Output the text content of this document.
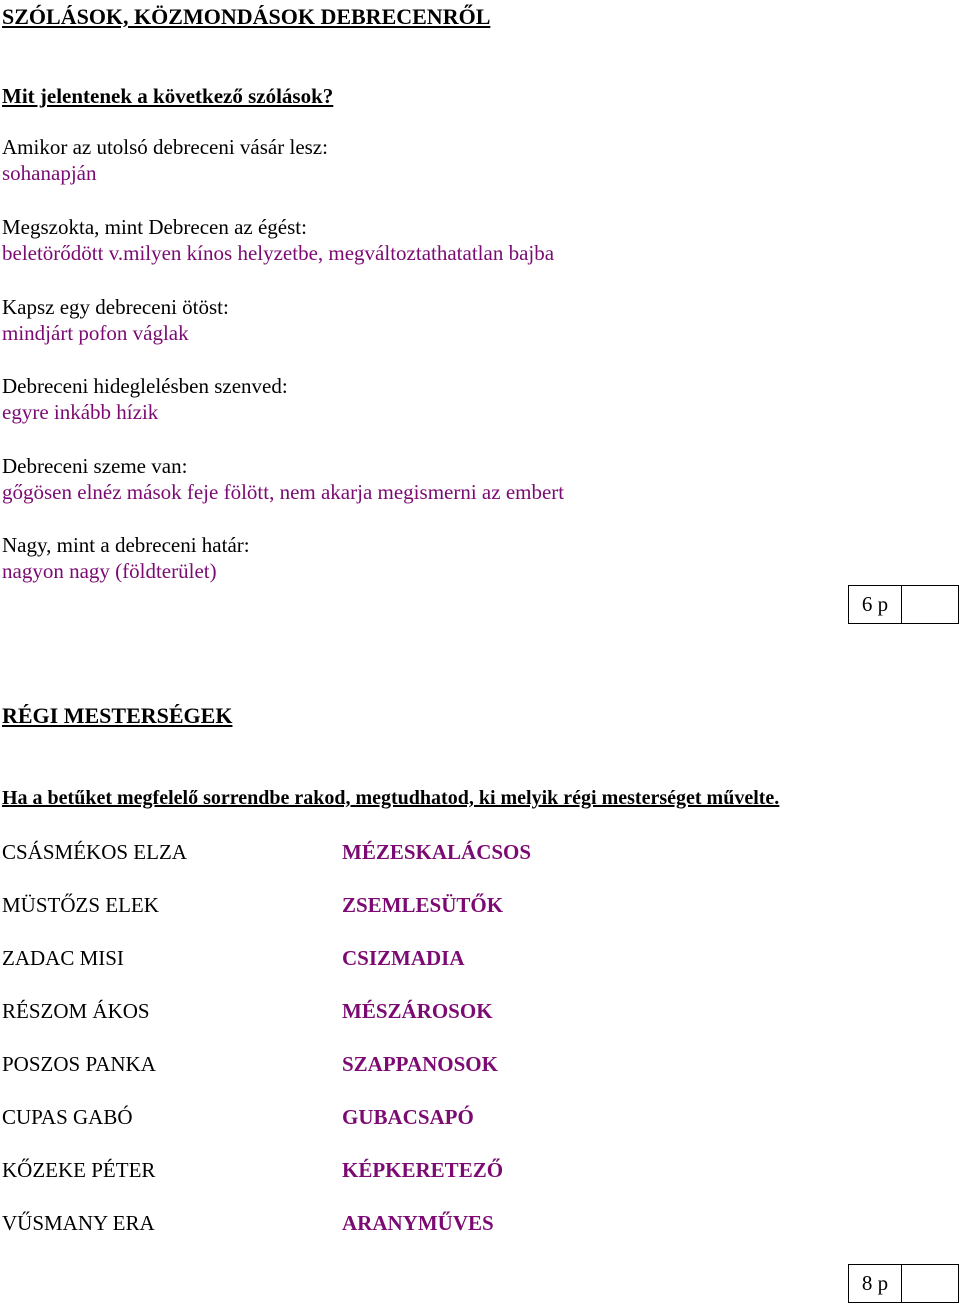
SZÓLÁSOK, KÖZMONDÁSOK DEBRECENRŐL
Mit jelentenek a következő szólások?
Amikor az utolsó debreceni vásár lesz:
sohanapján
Megszokta, mint Debrecen az égést:
beletörődött v.milyen kínos helyzetbe, megváltoztathatatlan bajba
Kapsz egy debreceni ötöst:
mindjárt pofon váglak
Debreceni hideglelésben szenved:
egyre inkább hízik
Debreceni szeme van:
gőgösen elnéz mások feje fölött, nem akarja megismerni az embert
Nagy, mint a debreceni határ:
nagyon nagy (földterület)
6 p
RÉGI MESTERSÉGEK
Ha a betűket megfelelő sorrendbe rakod, megtudhatod, ki melyik régi mesterséget művelte.
CSÁSMÉKOS ELZA	MÉZESKALÁCSOS
MÜSTŐZS ELEK	ZSEMLESÜTŐK
ZADAC MISI	CSIZMADIA
RÉSZOM ÁKOS	MÉSZÁROSOK
POSZOS PANKA	SZAPPANOSOK
CUPAS GABÓ	GUBACSAPÓ
KŐZEKE PÉTER	KÉPKERETEZŐ
VŰSMANY ERA	ARANYMŰVES
8 p
